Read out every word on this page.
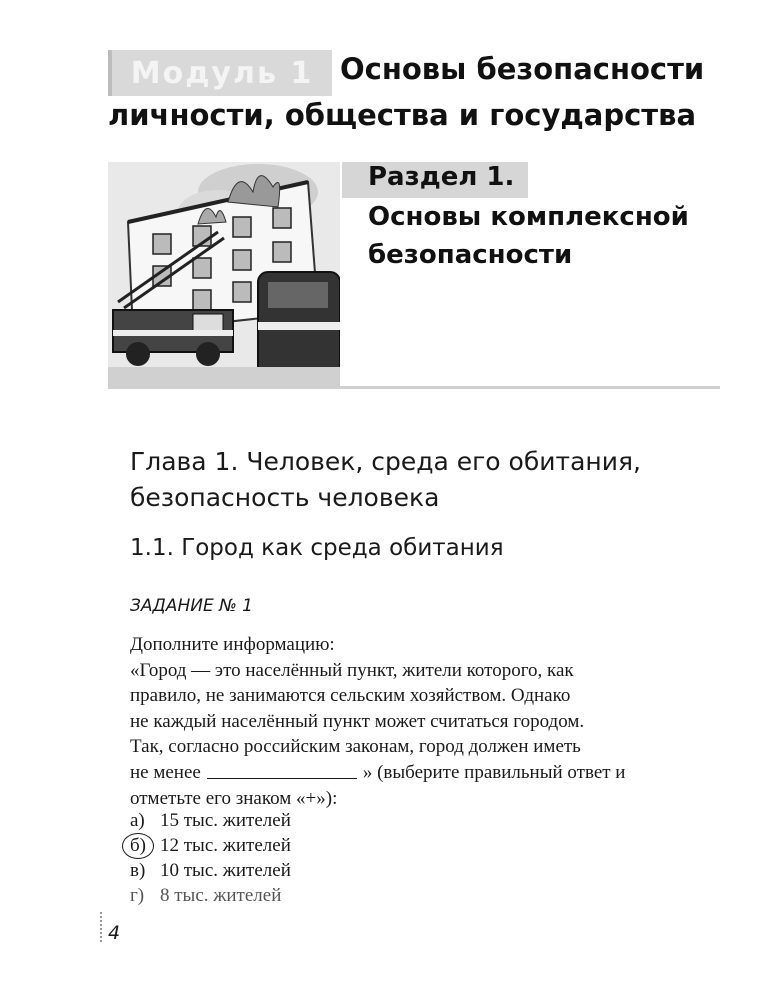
Модуль 1 Основы безопасности
личности, общества и государства
Раздел 1.
Основы комплексной
безопасности
Глава 1. Человек, среда его обитания,
безопасность человека
1.1. Город как среда обитания
ЗАДАНИЕ № 1
Дополните информацию:
«Город — это населённый пункт, жители которого, как
правило, не занимаются сельским хозяйством. Однако
не каждый населённый пункт может считаться городом.
Так, согласно российским законам, город должен иметь
не менее	» (выберите правильный ответ и
отметьте его знаком «+»):
а) 15 тыс. жителей
б) 12 тыс. жителей
в) 10 тыс. жителей
г) 8 тыс. жителей
4
